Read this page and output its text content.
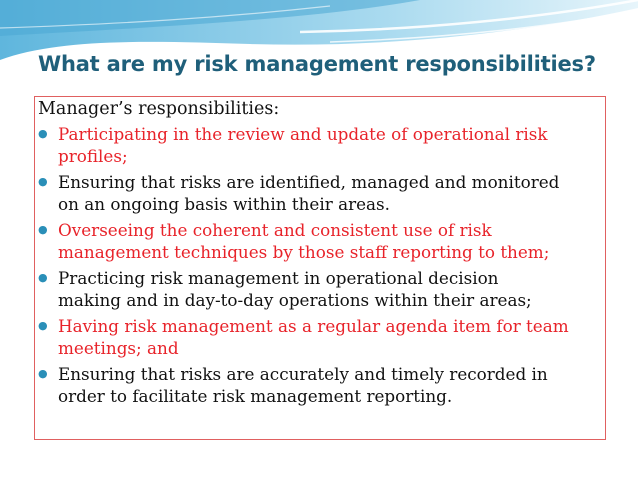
What are my risk management responsibilities?
Manager’s responsibilities:
● Participating in the review and update of operational risk
profiles;
● Ensuring that risks are identified, managed and monitored
on an ongoing basis within their areas.
● Overseeing the coherent and consistent use of risk
management techniques by those staff reporting to them;
● Practicing risk management in operational decision
making and in day-to-day operations within their areas;
● Having risk management as a regular agenda item for team
meetings; and
● Ensuring that risks are accurately and timely recorded in
order to facilitate risk management reporting.
